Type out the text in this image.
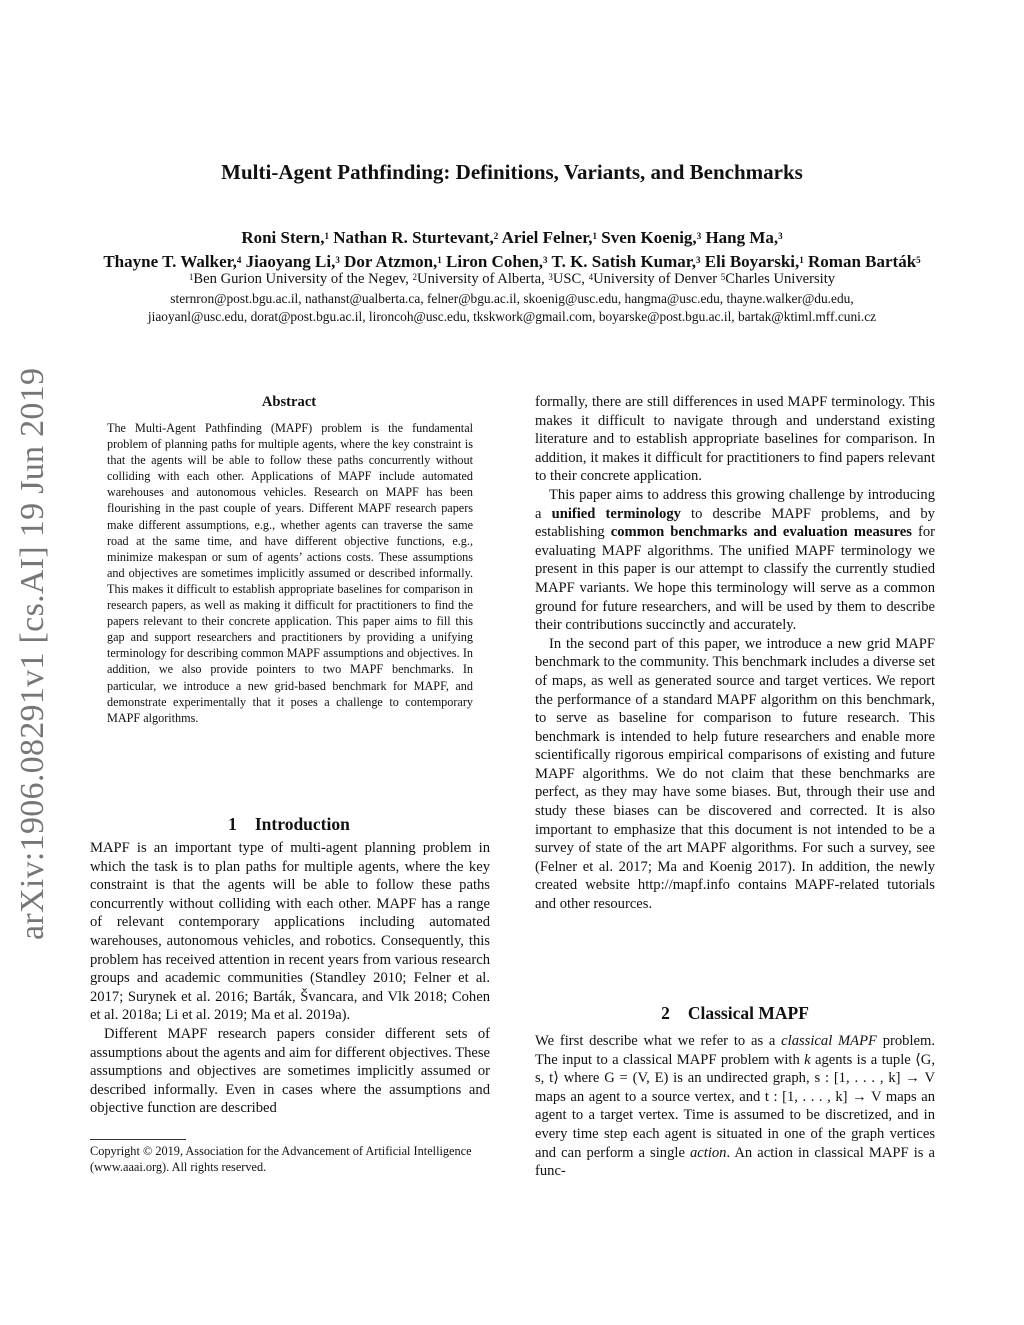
Multi-Agent Pathfinding: Definitions, Variants, and Benchmarks
Roni Stern,$^1$ Nathan R. Sturtevant,$^2$ Ariel Felner,$^1$ Sven Koenig,$^3$ Hang Ma,$^3$
Thayne T. Walker,$^4$ Jiaoyang Li,$^3$ Dor Atzmon,$^1$ Liron Cohen,$^3$ T. K. Satish Kumar,$^3$ Eli Boyarski,$^1$ Roman Barták$^5$
$^1$Ben Gurion University of the Negev, $^2$University of Alberta, $^3$USC, $^4$University of Denver $^5$Charles University
sternron@post.bgu.ac.il, nathanst@ualberta.ca, felner@bgu.ac.il, skoenig@usc.edu, hangma@usc.edu, thayne.walker@du.edu,
jiaoyanl@usc.edu, dorat@post.bgu.ac.il, lironcoh@usc.edu, tkskwork@gmail.com, boyarske@post.bgu.ac.il, bartak@ktiml.mff.cuni.cz
arXiv:1906.08291v1 [cs.AI] 19 Jun 2019	Abstract
The Multi-Agent Pathfinding (MAPF) problem is the fundamental problem of planning paths for multiple agents, where the key constraint is that the agents will be able to follow these paths concurrently without colliding with each other. Applications of MAPF include automated warehouses and autonomous vehicles. Research on MAPF has been flourishing in the past couple of years. Different MAPF research papers make different assumptions, e.g., whether agents can traverse the same road at the same time, and have different objective functions, e.g., minimize makespan or sum of agents’ actions costs. These assumptions and objectives are sometimes implicitly assumed or described informally. This makes it difficult to establish appropriate baselines for comparison in research papers, as well as making it difficult for practitioners to find the papers relevant to their concrete application. This paper aims to fill this gap and support researchers and practitioners by providing a unifying terminology for describing common MAPF assumptions and objectives. In addition, we also provide pointers to two MAPF benchmarks. In particular, we introduce a new grid-based benchmark for MAPF, and demonstrate experimentally that it poses a challenge to contemporary MAPF algorithms.
1 Introduction

MAPF is an important type of multi-agent planning problem in which the task is to plan paths for multiple agents, where the key constraint is that the agents will be able to follow these paths concurrently without colliding with each other. MAPF has a range of relevant contemporary applications including automated warehouses, autonomous vehicles, and robotics. Consequently, this problem has received attention in recent years from various research groups and academic communities (Standley 2010; Felner et al. 2017; Surynek et al. 2016; Barták, Švancara, and Vlk 2018; Cohen et al. 2018a; Li et al. 2019; Ma et al. 2019a).

Different MAPF research papers consider different sets of assumptions about the agents and aim for different objectives. These assumptions and objectives are sometimes implicitly assumed or described informally. Even in cases where the assumptions and objective function are described

Copyright © 2019, Association for the Advancement of Artificial Intelligence (www.aaai.org). All rights reserved.

formally, there are still differences in used MAPF terminology. This makes it difficult to navigate through and understand existing literature and to establish appropriate baselines for comparison. In addition, it makes it difficult for practitioners to find papers relevant to their concrete application.

This paper aims to address this growing challenge by introducing a unified terminology to describe MAPF problems, and by establishing common benchmarks and evaluation measures for evaluating MAPF algorithms. The unified MAPF terminology we present in this paper is our attempt to classify the currently studied MAPF variants. We hope this terminology will serve as a common ground for future researchers, and will be used by them to describe their contributions succinctly and accurately.

In the second part of this paper, we introduce a new grid MAPF benchmark to the community. This benchmark includes a diverse set of maps, as well as generated source and target vertices. We report the performance of a standard MAPF algorithm on this benchmark, to serve as baseline for comparison to future research. This benchmark is intended to help future researchers and enable more scientifically rigorous empirical comparisons of existing and future MAPF algorithms. We do not claim that these benchmarks are perfect, as they may have some biases. But, through their use and study these biases can be discovered and corrected. It is also important to emphasize that this document is not intended to be a survey of state of the art MAPF algorithms. For such a survey, see (Felner et al. 2017; Ma and Koenig 2017). In addition, the newly created website http://mapf.info contains MAPF-related tutorials and other resources.

2 Classical MAPF

We first describe what we refer to as a classical MAPF problem. The input to a classical MAPF problem with k agents is a tuple ⟨G, s, t⟩ where G = (V, E) is an undirected graph, s : [1, . . . , k] → V maps an agent to a source vertex, and t : [1, . . . , k] → V maps an agent to a target vertex. Time is assumed to be discretized, and in every time step each agent is situated in one of the graph vertices and can perform a single action. An action in classical MAPF is a func-
